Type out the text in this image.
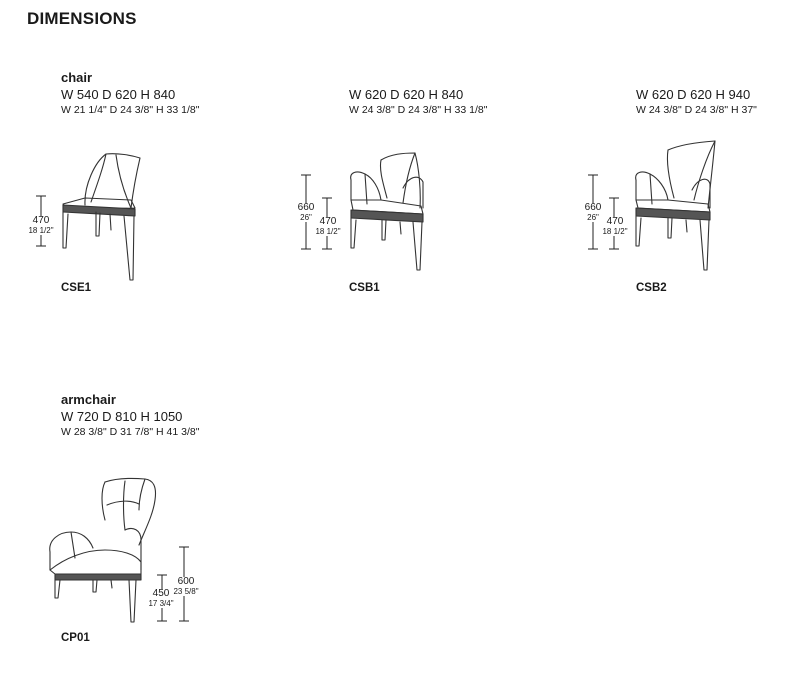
DIMENSIONS
chair
W 540 D 620 H 840
W 21 1/4" D 24 3/8" H 33 1/8"
470
18 1/2"
CSE1
W 620 D 620 H 840
W 24 3/8" D 24 3/8" H 33 1/8"
660
26" 470
18 1/2"
CSB1
W 620 D 620 H 940
W 24 3/8" D 24 3/8" H 37"
660
26" 470
18 1/2"
CSB2
armchair
W 720 D 810 H 1050
W 28 3/8" D 31 7/8" H 41 3/8"
450
17 3/4"
600
23 5/8"
CP01
